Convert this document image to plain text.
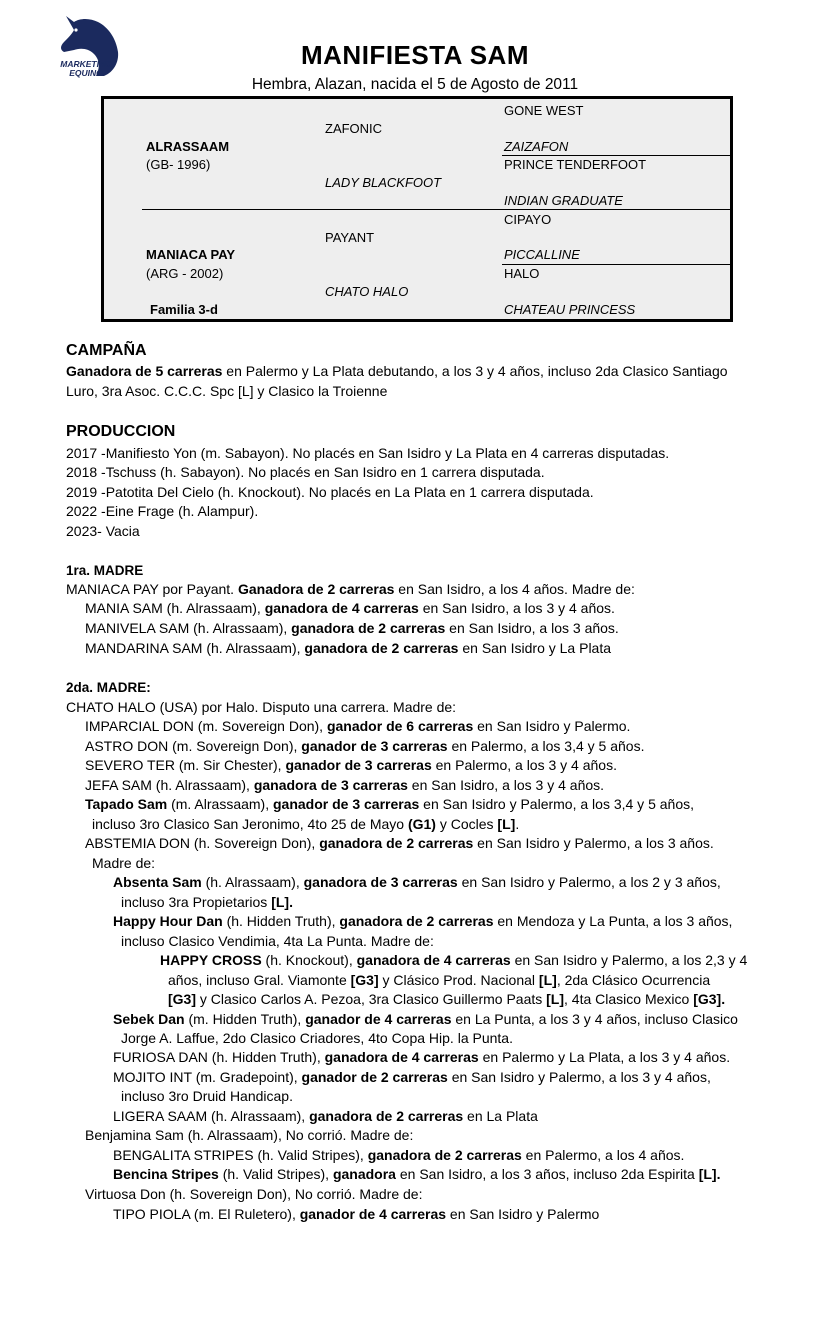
MARKETING
EQUINO
MANIFIESTA SAM
Hembra, Alazan, nacida el 5 de Agosto de 2011
ALRASSAAM
(GB- 1996)
ZAFONIC
LADY BLACKFOOT
GONE WEST
ZAIZAFON
PRINCE TENDERFOOT
INDIAN GRADUATE
MANIACA PAY
(ARG - 2002)
PAYANT
CHATO HALO
CIPAYO
PICCALLINE
HALO
CHATEAU PRINCESS
Familia 3-d
CAMPAÑA
PRODUCCION
1ra. MADRE
2da. MADRE:
Ganadora de 5 carreras en Palermo y La Plata debutando, a los 3 y 4 años, incluso 2da Clasico Santiago
Luro, 3ra Asoc. C.C.C. Spc [L] y Clasico la Troienne
2017 -Manifiesto Yon (m. Sabayon). No placés en San Isidro y La Plata en 4 carreras disputadas.
2018 -Tschuss (h. Sabayon). No placés en San Isidro en 1 carrera disputada.
2019 -Patotita Del Cielo (h. Knockout). No placés en La Plata en 1 carrera disputada.
2022 -Eine Frage (h. Alampur).
2023- Vacia
MANIACA PAY por Payant. Ganadora de 2 carreras en San Isidro, a los 4 años. Madre de:
MANIA SAM (h. Alrassaam), ganadora de 4 carreras en San Isidro, a los 3 y 4 años.
MANIVELA SAM (h. Alrassaam), ganadora de 2 carreras en San Isidro, a los 3 años.
MANDARINA SAM (h. Alrassaam), ganadora de 2 carreras en San Isidro y La Plata
CHATO HALO (USA) por Halo. Disputo una carrera. Madre de:
IMPARCIAL DON (m. Sovereign Don), ganador de 6 carreras en San Isidro y Palermo.
ASTRO DON (m. Sovereign Don), ganador de 3 carreras en Palermo, a los 3,4 y 5 años.
SEVERO TER (m. Sir Chester), ganador de 3 carreras en Palermo, a los 3 y 4 años.
JEFA SAM (h. Alrassaam), ganadora de 3 carreras en San Isidro, a los 3 y 4 años.
Tapado Sam (m. Alrassaam), ganador de 3 carreras en San Isidro y Palermo, a los 3,4 y 5 años,
incluso 3ro Clasico San Jeronimo, 4to 25 de Mayo (G1) y Cocles [L].
ABSTEMIA DON (h. Sovereign Don), ganadora de 2 carreras en San Isidro y Palermo, a los 3 años.
Madre de:
Absenta Sam (h. Alrassaam), ganadora de 3 carreras en San Isidro y Palermo, a los 2 y 3 años,
incluso 3ra Propietarios [L].
Happy Hour Dan (h. Hidden Truth), ganadora de 2 carreras en Mendoza y La Punta, a los 3 años,
incluso Clasico Vendimia, 4ta La Punta. Madre de:
HAPPY CROSS (h. Knockout), ganadora de 4 carreras en San Isidro y Palermo, a los 2,3 y 4
años, incluso Gral. Viamonte [G3] y Clásico Prod. Nacional [L], 2da Clásico Ocurrencia
[G3] y Clasico Carlos A. Pezoa, 3ra Clasico Guillermo Paats [L], 4ta Clasico Mexico [G3].
Sebek Dan (m. Hidden Truth), ganador de 4 carreras en La Punta, a los 3 y 4 años, incluso Clasico
Jorge A. Laffue, 2do Clasico Criadores, 4to Copa Hip. la Punta.
FURIOSA DAN (h. Hidden Truth), ganadora de 4 carreras en Palermo y La Plata, a los 3 y 4 años.
MOJITO INT (m. Gradepoint), ganador de 2 carreras en San Isidro y Palermo, a los 3 y 4 años,
incluso 3ro Druid Handicap.
LIGERA SAAM (h. Alrassaam), ganadora de 2 carreras en La Plata
Benjamina Sam (h. Alrassaam), No corrió. Madre de:
BENGALITA STRIPES (h. Valid Stripes), ganadora de 2 carreras en Palermo, a los 4 años.
Bencina Stripes (h. Valid Stripes), ganadora en San Isidro, a los 3 años, incluso 2da Espirita [L].
Virtuosa Don (h. Sovereign Don), No corrió. Madre de:
TIPO PIOLA (m. El Ruletero), ganador de 4 carreras en San Isidro y Palermo
